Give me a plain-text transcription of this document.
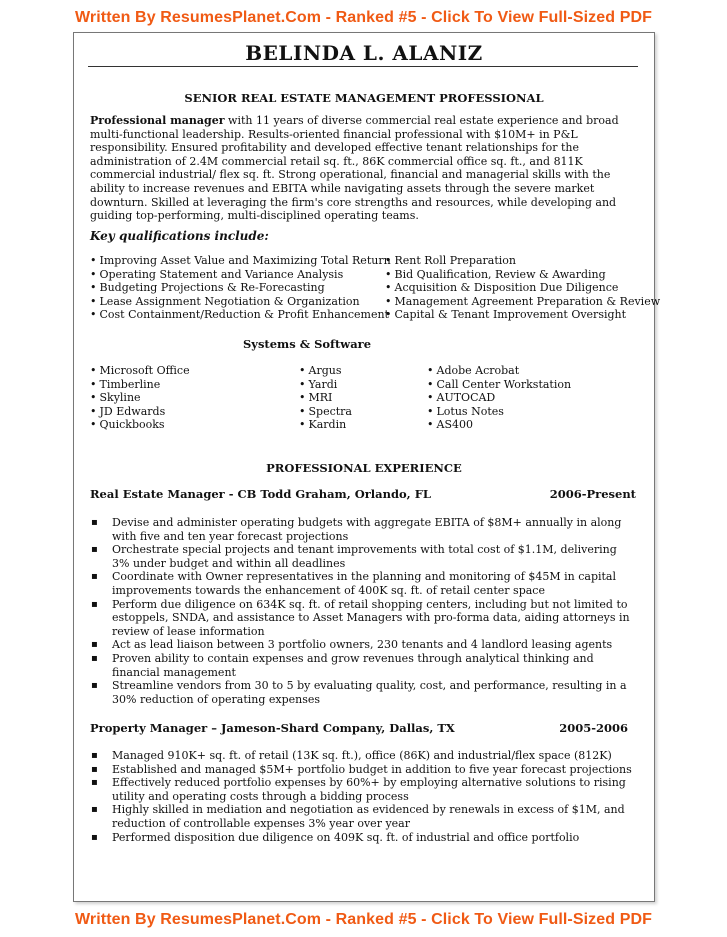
Written By ResumesPlanet.Com - Ranked #5 - Click To View Full-Sized PDF
BELINDA L. ALANIZ
SENIOR REAL ESTATE MANAGEMENT PROFESSIONAL
Professional manager with 11 years of diverse commercial real estate experience and broad multi-functional leadership. Results-oriented financial professional with $10M+ in P&L responsibility. Ensured profitability and developed effective tenant relationships for the administration of 2.4M commercial retail sq. ft., 86K commercial office sq. ft., and 811K commercial industrial/ flex sq. ft. Strong operational, financial and managerial skills with the ability to increase revenues and EBITA while navigating assets through the severe market downturn. Skilled at leveraging the firm's core strengths and resources, while developing and guiding top-performing, multi-disciplined operating teams.
Key qualifications include:
• Improving Asset Value and Maximizing Total Return
• Operating Statement and Variance Analysis
• Budgeting Projections & Re-Forecasting
• Lease Assignment Negotiation & Organization
• Cost Containment/Reduction & Profit Enhancement
• Rent Roll Preparation
• Bid Qualification, Review & Awarding
• Acquisition & Disposition Due Diligence
• Management Agreement Preparation & Review
• Capital & Tenant Improvement Oversight
Systems & Software
• Microsoft Office
• Timberline
• Skyline
• JD Edwards
• Quickbooks
• Argus
• Yardi
• MRI
• Spectra
• Kardin
• Adobe Acrobat
• Call Center Workstation
• AUTOCAD
• Lotus Notes
• AS400
PROFESSIONAL EXPERIENCE
Real Estate Manager - CB Todd Graham, Orlando, FL	2006-Present
▪ Devise and administer operating budgets with aggregate EBITA of $8M+ annually in along with five and ten year forecast projections
▪ Orchestrate special projects and tenant improvements with total cost of $1.1M, delivering 3% under budget and within all deadlines
▪ Coordinate with Owner representatives in the planning and monitoring of $45M in capital improvements towards the enhancement of 400K sq. ft. of retail center space
▪ Perform due diligence on 634K sq. ft. of retail shopping centers, including but not limited to estoppels, SNDA, and assistance to Asset Managers with pro-forma data, aiding attorneys in review of lease information
▪ Act as lead liaison between 3 portfolio owners, 230 tenants and 4 landlord leasing agents
▪ Proven ability to contain expenses and grow revenues through analytical thinking and financial management
▪ Streamline vendors from 30 to 5 by evaluating quality, cost, and performance, resulting in a 30% reduction of operating expenses
Property Manager – Jameson-Shard Company, Dallas, TX	2005-2006
▪ Managed 910K+ sq. ft. of retail (13K sq. ft.), office (86K) and industrial/flex space (812K)
▪ Established and managed $5M+ portfolio budget in addition to five year forecast projections
▪ Effectively reduced portfolio expenses by 60%+ by employing alternative solutions to rising utility and operating costs through a bidding process
▪ Highly skilled in mediation and negotiation as evidenced by renewals in excess of $1M, and reduction of controllable expenses 3% year over year
▪ Performed disposition due diligence on 409K sq. ft. of industrial and office portfolio
Written By ResumesPlanet.Com - Ranked #5 - Click To View Full-Sized PDF
